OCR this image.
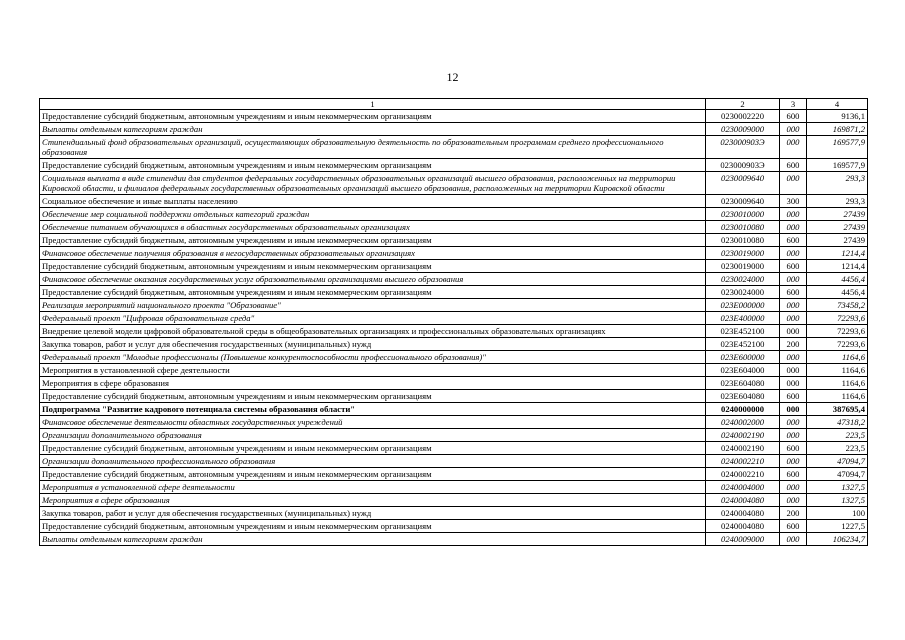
12
1	2	3	4
Предоставление субсидий бюджетным, автономным учреждениям и иным некоммерческим организациям	0230002220	600	9136,1
Выплаты отдельным категориям граждан	0230009000	000	169871,2
Стипендиальный фонд образовательных организаций, осуществляющих образовательную деятельность по образовательным программам среднего профессионального образования	023000903Э	000	169577,9
Предоставление субсидий бюджетным, автономным учреждениям и иным некоммерческим организациям	023000903Э	600	169577,9
Социальная выплата в виде стипендии для студентов федеральных государственных образовательных организаций высшего образования, расположенных на территории Кировской области, и филиалов федеральных государственных образовательных организаций высшего образования, расположенных на территории Кировской области	0230009640	000	293,3
Социальное обеспечение и иные выплаты населению	0230009640	300	293,3
Обеспечение мер социальной поддержки отдельных категорий граждан	0230010000	000	27439
Обеспечение питанием обучающихся в областных государственных образовательных организациях	0230010080	000	27439
Предоставление субсидий бюджетным, автономным учреждениям и иным некоммерческим организациям	0230010080	600	27439
Финансовое обеспечение получения образования в негосударственных образовательных организациях	0230019000	000	1214,4
Предоставление субсидий бюджетным, автономным учреждениям и иным некоммерческим организациям	0230019000	600	1214,4
Финансовое обеспечение оказания государственных услуг образовательными организациями высшего образования	0230024000	000	4456,4
Предоставление субсидий бюджетным, автономным учреждениям и иным некоммерческим организациям	0230024000	600	4456,4
Реализация мероприятий национального проекта "Образование"	023E000000	000	73458,2
Федеральный проект "Цифровая образовательная среда"	023E400000	000	72293,6
Внедрение целевой модели цифровой образовательной среды в общеобразовательных организациях и профессиональных образовательных организациях	023E452100	000	72293,6
Закупка товаров, работ и услуг для обеспечения государственных (муниципальных) нужд	023E452100	200	72293,6
Федеральный проект "Молодые профессионалы (Повышение конкурентоспособности профессионального образования)"	023E600000	000	1164,6
Мероприятия в установленной сфере деятельности	023E604000	000	1164,6
Мероприятия в сфере образования	023E604080	000	1164,6
Предоставление субсидий бюджетным, автономным учреждениям и иным некоммерческим организациям	023E604080	600	1164,6
Подпрограмма "Развитие кадрового потенциала системы образования области"	0240000000	000	387695,4
Финансовое обеспечение деятельности областных государственных учреждений	0240002000	000	47318,2
Организации дополнительного образования	0240002190	000	223,5
Предоставление субсидий бюджетным, автономным учреждениям и иным некоммерческим организациям	0240002190	600	223,5
Организации дополнительного профессионального образования	0240002210	000	47094,7
Предоставление субсидий бюджетным, автономным учреждениям и иным некоммерческим организациям	0240002210	600	47094,7
Мероприятия в установленной сфере деятельности	0240004000	000	1327,5
Мероприятия в сфере образования	0240004080	000	1327,5
Закупка товаров, работ и услуг для обеспечения государственных (муниципальных) нужд	0240004080	200	100
Предоставление субсидий бюджетным, автономным учреждениям и иным некоммерческим организациям	0240004080	600	1227,5
Выплаты отдельным категориям граждан	0240009000	000	106234,7
